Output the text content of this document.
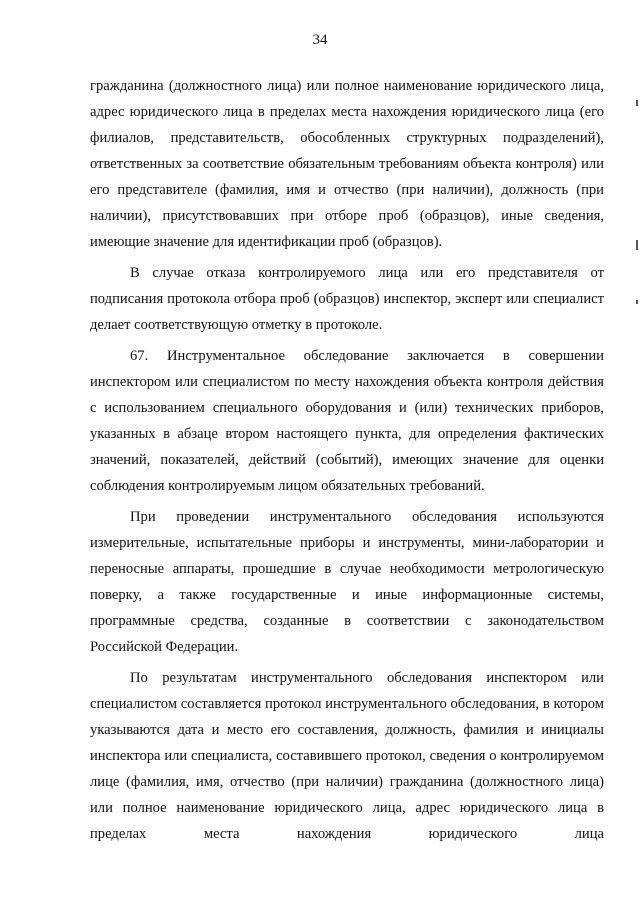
34

гражданина (должностного лица) или полное наименование юридического лица, адрес юридического лица в пределах места нахождения юридического лица (его филиалов, представительств, обособленных структурных подразделений), ответственных за соответствие обязательным требованиям объекта контроля) или его представителе (фамилия, имя и отчество (при наличии), должность (при наличии), присутствовавших при отборе проб (образцов), иные сведения, имеющие значение для идентификации проб (образцов).

В случае отказа контролируемого лица или его представителя от подписания протокола отбора проб (образцов) инспектор, эксперт или специалист делает соответствующую отметку в протоколе.

67. Инструментальное обследование заключается в совершении инспектором или специалистом по месту нахождения объекта контроля действия с использованием специального оборудования и (или) технических приборов, указанных в абзаце втором настоящего пункта, для определения фактических значений, показателей, действий (событий), имеющих значение для оценки соблюдения контролируемым лицом обязательных требований.

При проведении инструментального обследования используются измерительные, испытательные приборы и инструменты, мини-лаборатории и переносные аппараты, прошедшие в случае необходимости метрологическую поверку, а также государственные и иные информационные системы, программные средства, созданные в соответствии с законодательством Российской Федерации.

По результатам инструментального обследования инспектором или специалистом составляется протокол инструментального обследования, в котором указываются дата и место его составления, должность, фамилия и инициалы инспектора или специалиста, составившего протокол, сведения о контролируемом лице (фамилия, имя, отчество (при наличии) гражданина (должностного лица) или полное наименование юридического лица, адрес юридического лица в пределах места нахождения юридического лица
